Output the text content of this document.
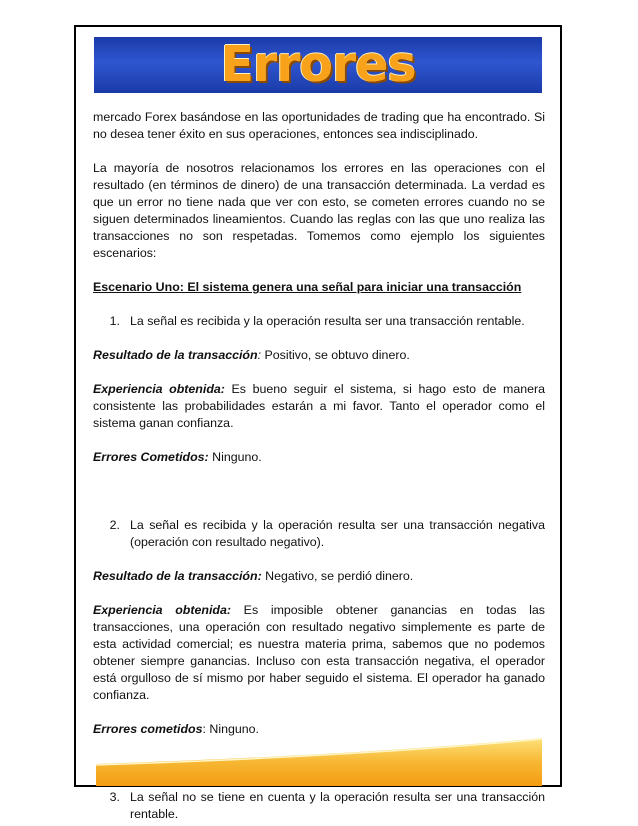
Errores

mercado Forex basándose en las oportunidades de trading que ha encontrado. Si no desea tener éxito en sus operaciones, entonces sea indisciplinado.

La mayoría de nosotros relacionamos los errores en las operaciones con el resultado (en términos de dinero) de una transacción determinada. La verdad es que un error no tiene nada que ver con esto, se cometen errores cuando no se siguen determinados lineamientos. Cuando las reglas con las que uno realiza las transacciones no son respetadas. Tomemos como ejemplo los siguientes escenarios:

Escenario Uno: El sistema genera una señal para iniciar una transacción

1. La señal es recibida y la operación resulta ser una transacción rentable.

Resultado de la transacción: Positivo, se obtuvo dinero.

Experiencia obtenida: Es bueno seguir el sistema, si hago esto de manera consistente las probabilidades estarán a mi favor. Tanto el operador como el sistema ganan confianza.

Errores Cometidos: Ninguno.

2. La señal es recibida y la operación resulta ser una transacción negativa (operación con resultado negativo).

Resultado de la transacción: Negativo, se perdió dinero.

Experiencia obtenida: Es imposible obtener ganancias en todas las transacciones, una operación con resultado negativo simplemente es parte de esta actividad comercial; es nuestra materia prima, sabemos que no podemos obtener siempre ganancias. Incluso con esta transacción negativa, el operador está orgulloso de sí mismo por haber seguido el sistema. El operador ha ganado confianza.

Errores cometidos: Ninguno.

3. La señal no se tiene en cuenta y la operación resulta ser una transacción rentable.
